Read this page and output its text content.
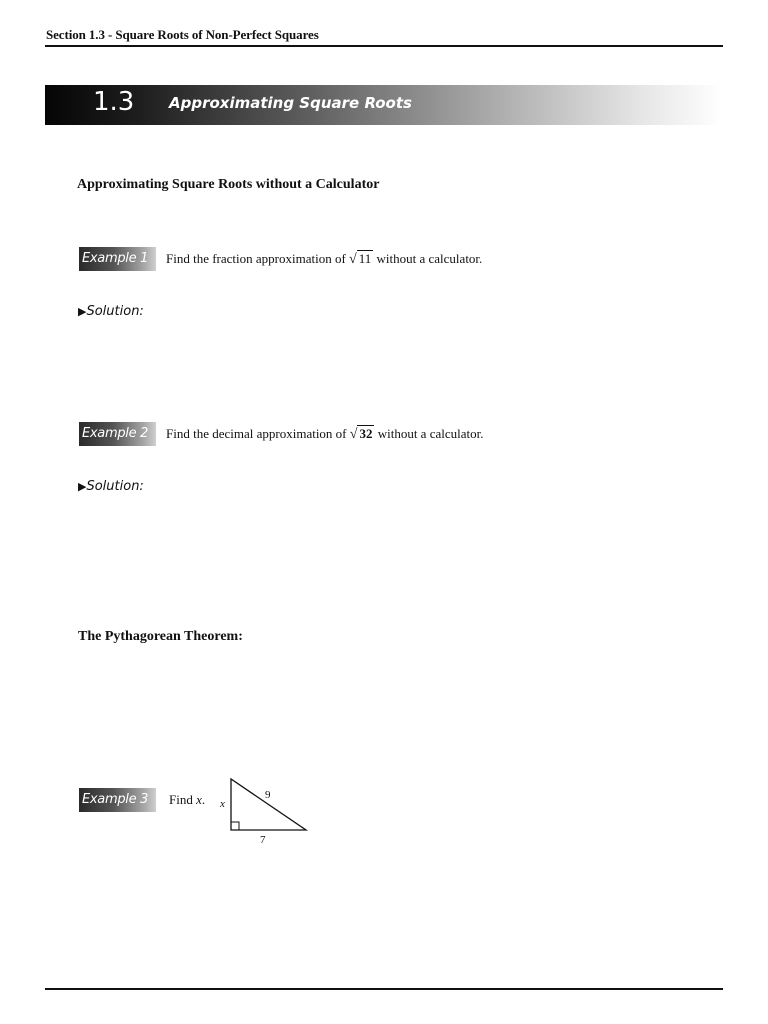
Section 1.3 - Square Roots of Non-Perfect Squares
1.3 Approximating Square Roots
Approximating Square Roots without a Calculator
Example 1	Find the fraction approximation of √ 11 without a calculator.
▶Solution:
Example 2	Find the decimal approximation of √ 32 without a calculator.
▶Solution:
The Pythagorean Theorem:
Example 3	Find x. x
9
7
